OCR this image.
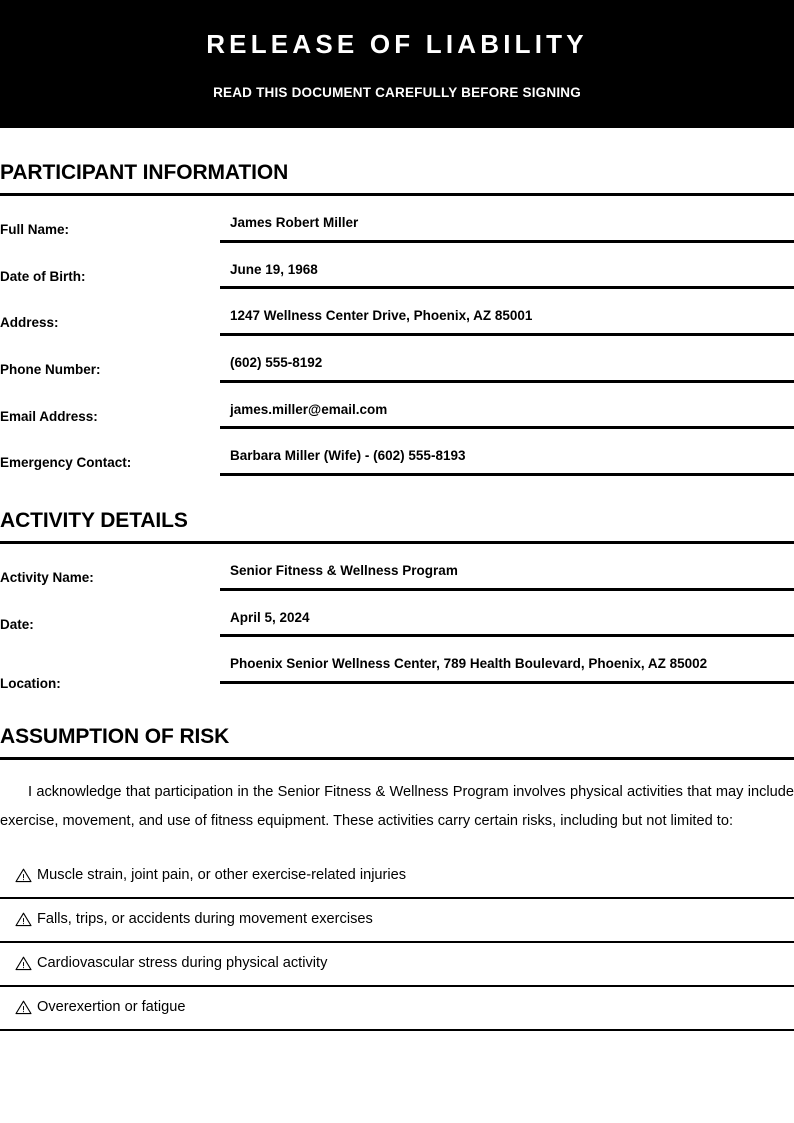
RELEASE OF LIABILITY

READ THIS DOCUMENT CAREFULLY BEFORE SIGNING

PARTICIPANT INFORMATION
Full Name:	James Robert Miller
Date of Birth:	June 19, 1968
Address:	1247 Wellness Center Drive, Phoenix, AZ 85001
Phone Number:	(602) 555-8192
Email Address:	james.miller@email.com
Emergency Contact:	Barbara Miller (Wife) - (602) 555-8193
ACTIVITY DETAILS
Activity Name:	Senior Fitness & Wellness Program
Date:	April 5, 2024
Location:
Phoenix Senior Wellness Center, 789 Health Boulevard, Phoenix, AZ 85002
ASSUMPTION OF RISK

I acknowledge that participation in the Senior Fitness & Wellness Program involves physical activities that may include exercise, movement, and use of fitness equipment. These activities carry certain risks, including but not limited to:

Muscle strain, joint pain, or other exercise-related injuries
Falls, trips, or accidents during movement exercises
Cardiovascular stress during physical activity
Overexertion or fatigue
